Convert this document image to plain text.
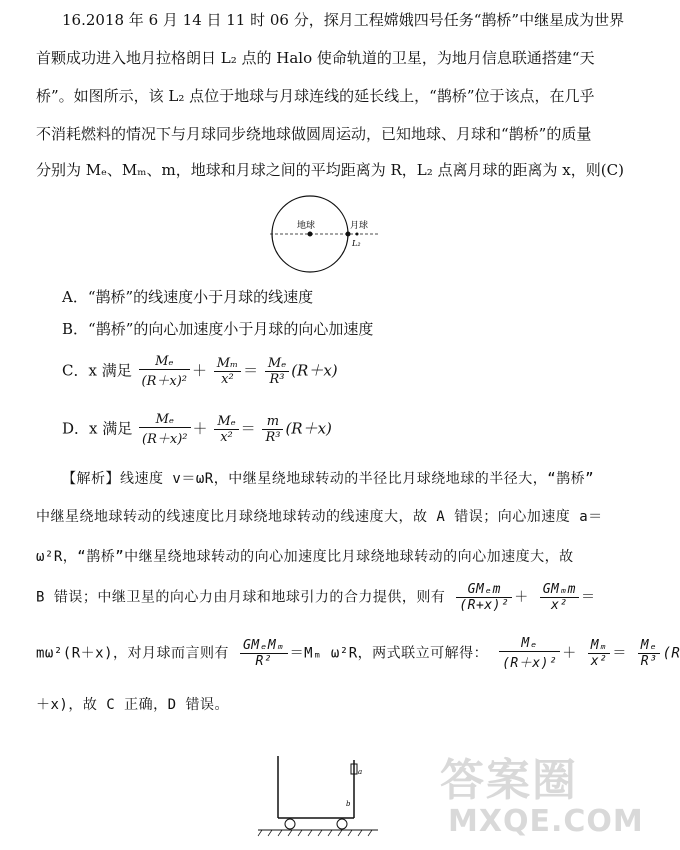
16.2018 年 6 月 14 日 11 时 06 分，探月工程嫦娥四号任务“鹊桥”中继星成为世界
首颗成功进入地月拉格朗日 L₂ 点的 Halo 使命轨道的卫星，为地月信息联通搭建“天
桥”。如图所示，该 L₂ 点位于地球与月球连线的延长线上，“鹊桥”位于该点，在几乎
不消耗燃料的情况下与月球同步绕地球做圆周运动，已知地球、月球和“鹊桥”的质量
分别为 Mₑ、Mₘ、m，地球和月球之间的平均距离为 R，L₂ 点离月球的距离为 x，则(C)
地球	月球
L₂
A．“鹊桥”的线速度小于月球的线速度
B．“鹊桥”的向心加速度小于月球的向心加速度
C．x 满足 $\frac{\text{Mₑ}}{\text{(R＋x)²}} + \frac{\text{Mₘ}}{\text{x²}} = \frac{\text{Mₑ}}{\text{R³}} (R+x)$
D．x 满足 $\frac{\text{Mₑ}}{\text{(R＋x)²}} + \frac{\text{Mₑ}}{\text{x²}} = \frac{m}{\text{R³}} (R+x)$
【解析】线速度 v＝ωR，中继星绕地球转动的半径比月球绕地球的半径大，“鹊桥”
中继星绕地球转动的线速度比月球绕地球转动的线速度大，故 A 错误；向心加速度 a＝
ω²R，“鹊桥”中继星绕地球转动的向心加速度比月球绕地球转动的向心加速度大，故
B 错误；中继卫星的向心力由月球和地球引力的合力提供，则有 $\frac{\text{GMₑm}}{\text{(R+x)²}} + \frac{\text{GMₘm}}{\text{x²}}$ ＝
mω²(R＋x)，对月球而言则有 $\frac{\text{GMₑMₘ}}{\text{R²}} =M_m$ ω²R，两式联立可解得： $\frac{\text{Mₑ}}{\text{(R＋x)²}} + \frac{\text{Mₘ}}{\text{x²}} = \frac{\text{Mₑ}}{\text{R³}} (R$
＋x)，故 C 正确，D 错误。
a
b 答案圈
MXQE.COM
